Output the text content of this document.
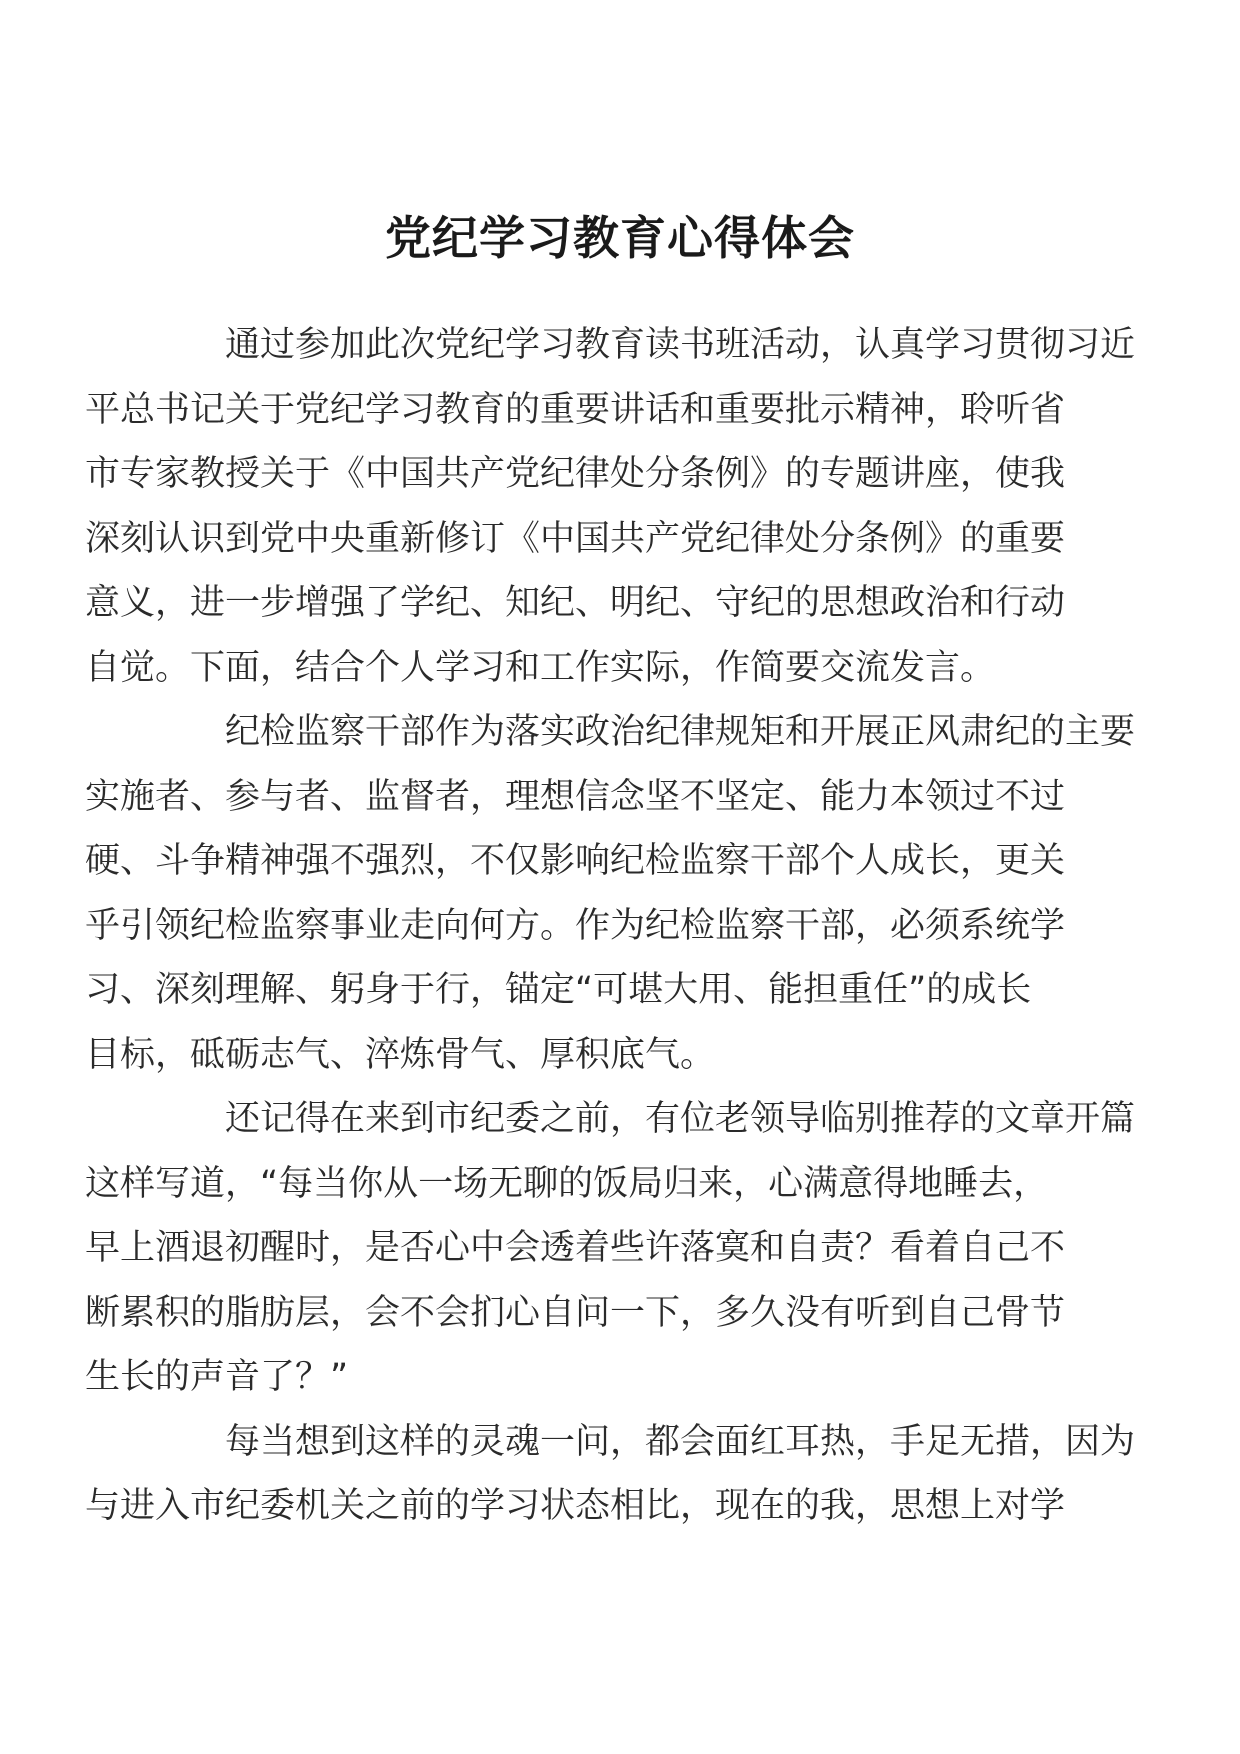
党纪学习教育心得体会

通过参加此次党纪学习教育读书班活动，认真学习贯彻习近
平总书记关于党纪学习教育的重要讲话和重要批示精神，聆听省
市专家教授关于《中国共产党纪律处分条例》的专题讲座，使我
深刻认识到党中央重新修订《中国共产党纪律处分条例》的重要
意义，进一步增强了学纪、知纪、明纪、守纪的思想政治和行动
自觉。下面，结合个人学习和工作实际，作简要交流发言。

纪检监察干部作为落实政治纪律规矩和开展正风肃纪的主要
实施者、参与者、监督者，理想信念坚不坚定、能力本领过不过
硬、斗争精神强不强烈，不仅影响纪检监察干部个人成长，更关
乎引领纪检监察事业走向何方。作为纪检监察干部，必须系统学
习、深刻理解、躬身于行，锚定“可堪大用、能担重任”的成长
目标，砥砺志气、淬炼骨气、厚积底气。

还记得在来到市纪委之前，有位老领导临别推荐的文章开篇
这样写道，“每当你从一场无聊的饭局归来，心满意得地睡去，
早上酒退初醒时，是否心中会透着些许落寞和自责？看着自己不
断累积的脂肪层，会不会扪心自问一下，多久没有听到自己骨节
生长的声音了？”

每当想到这样的灵魂一问，都会面红耳热，手足无措，因为
与进入市纪委机关之前的学习状态相比，现在的我，思想上对学
